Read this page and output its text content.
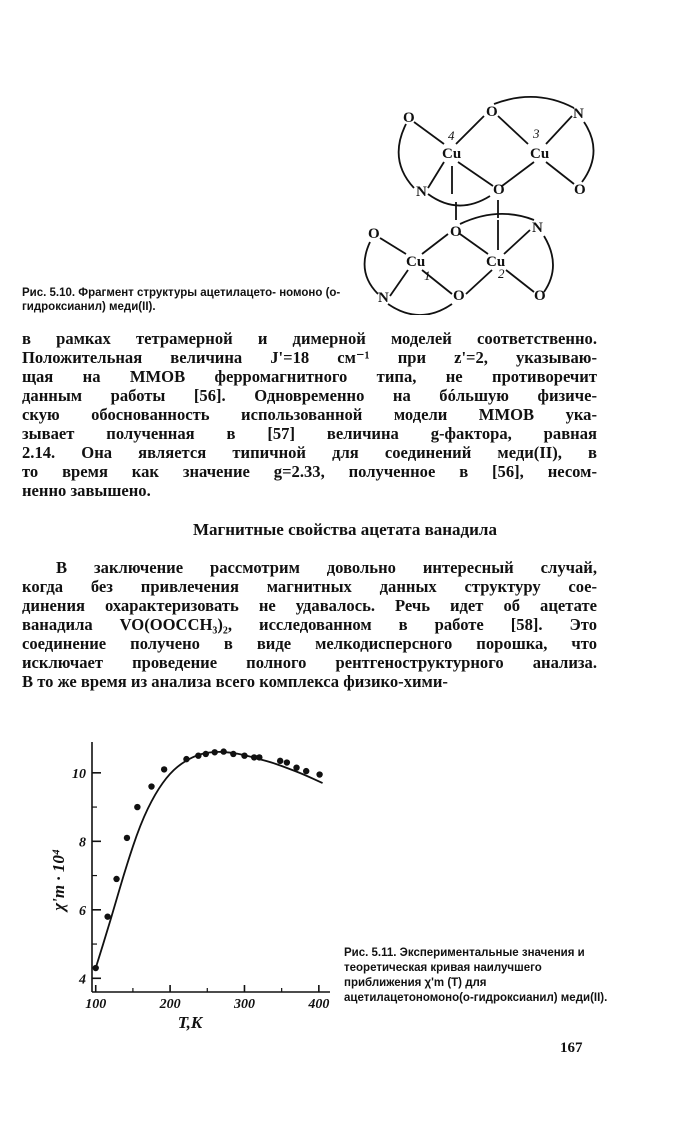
O	O	N
Cu	Cu
N	O	O
O	O	N
Cu	Cu
N	O	O
4	3
1	2
Рис. 5.10. Фрагмент структуры ацетилацето- номоно (о-гидроксианил) меди(II).
в рамках тетрамерной и димерной моделей соответственно.
Положительная величина J'=18 см⁻¹ при z'=2, указываю-
щая на ММОВ ферромагнитного типа, не противоречит
данным работы [56]. Одновременно на бóльшую физиче-
скую обоснованность использованной модели ММОВ ука-
зывает полученная в [57] величина g-фактора, равная
2.14. Она является типичной для соединений меди(II), в
то время как значение g=2.33, полученное в [56], несом-
ненно завышено.
Магнитные свойства ацетата ванадила
В заключение рассмотрим довольно интересный случай,
когда без привлечения магнитных данных структуру сое-
динения охарактеризовать не удавалось. Речь идет об ацетате
ванадила VO(OOCCH₃)₂, исследованном в работе [58]. Это
соединение получено в виде мелкодисперсного порошка, что
исключает проведение полного рентгеноструктурного анализа.
В то же время из анализа всего комплекса физико-хими-
100	200	300	400
4
6
8
10
T,K
χ'm · 10⁴
Рис. 5.11. Экспериментальные значения и теоретическая кривая наилучшего приближения χ'm (T) для ацетилацетономоно(о-гидроксианил) меди(II).
167
